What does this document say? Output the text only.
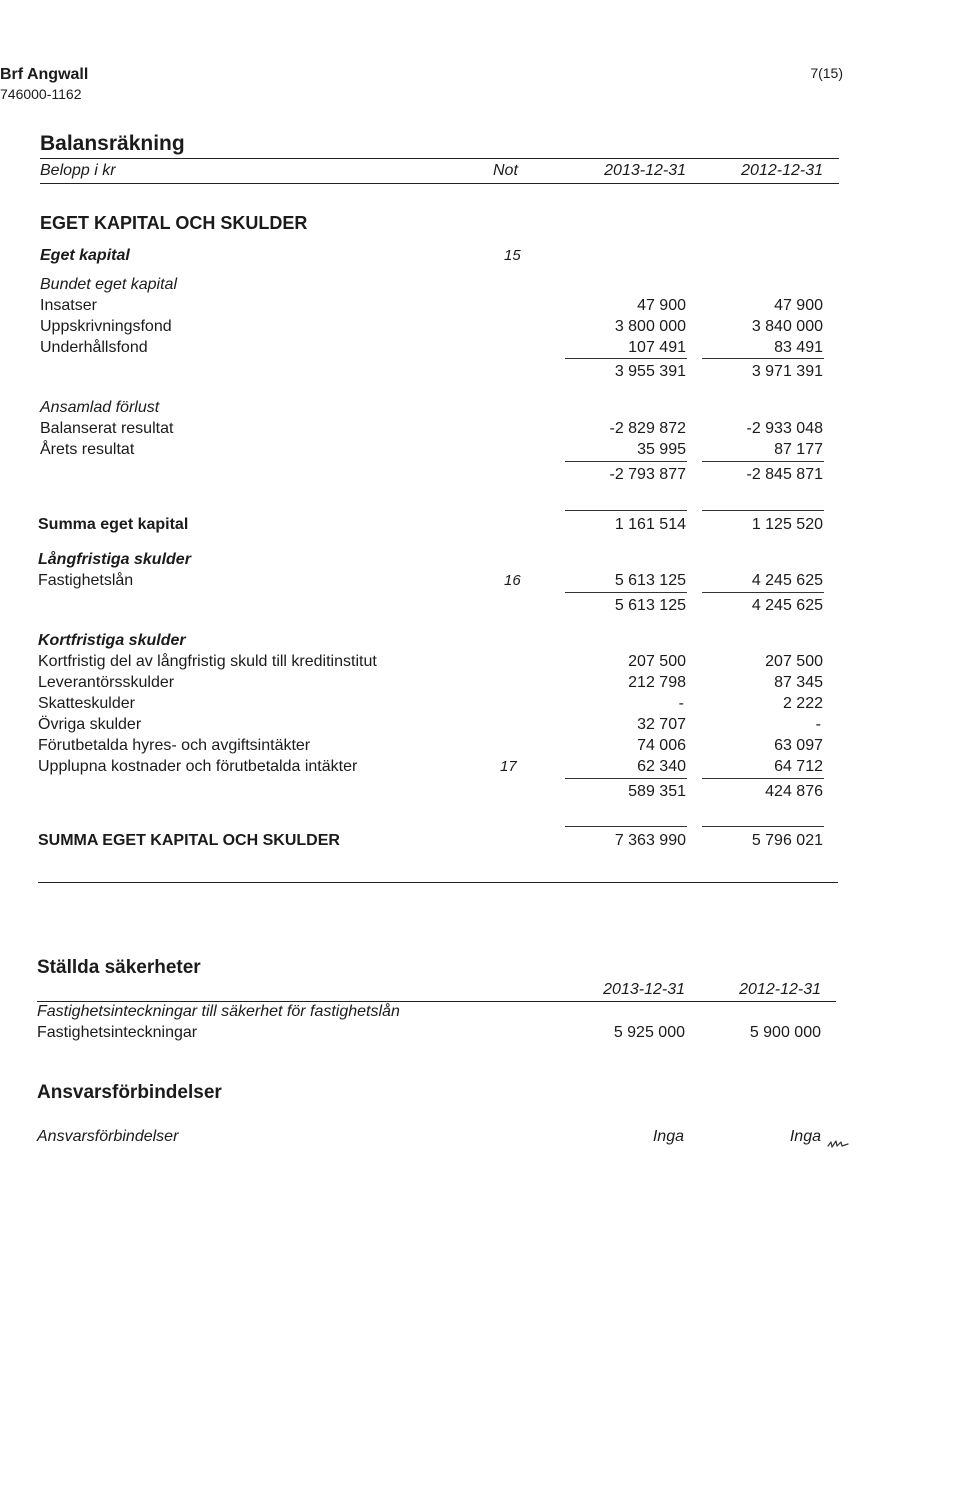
Brf Angwall
746000-1162
7(15)
Balansräkning
Belopp i kr	Not	2013-12-31	2012-12-31
EGET KAPITAL OCH SKULDER
Eget kapital	15
Bundet eget kapital
Insatser	47 900	47 900
Uppskrivningsfond	3 800 000	3 840 000
Underhållsfond	107 491	83 491
3 955 391	3 971 391
Ansamlad förlust
Balanserat resultat	-2 829 872	-2 933 048
Årets resultat	35 995	87 177
-2 793 877	-2 845 871
Summa eget kapital	1 161 514	1 125 520
Långfristiga skulder
Fastighetslån	16	5 613 125	4 245 625
5 613 125	4 245 625
Kortfristiga skulder
Kortfristig del av långfristig skuld till kreditinstitut	207 500	207 500
Leverantörsskulder	212 798	87 345
Skatteskulder	-	2 222
Övriga skulder	32 707	-
Förutbetalda hyres- och avgiftsintäkter	74 006	63 097
Upplupna kostnader och förutbetalda intäkter	17	62 340	64 712
589 351	424 876
SUMMA EGET KAPITAL OCH SKULDER	7 363 990	5 796 021
Ställda säkerheter
2013-12-31	2012-12-31
Fastighetsinteckningar till säkerhet för fastighetslån
Fastighetsinteckningar	5 925 000	5 900 000
Ansvarsförbindelser
Ansvarsförbindelser	Inga	Inga
